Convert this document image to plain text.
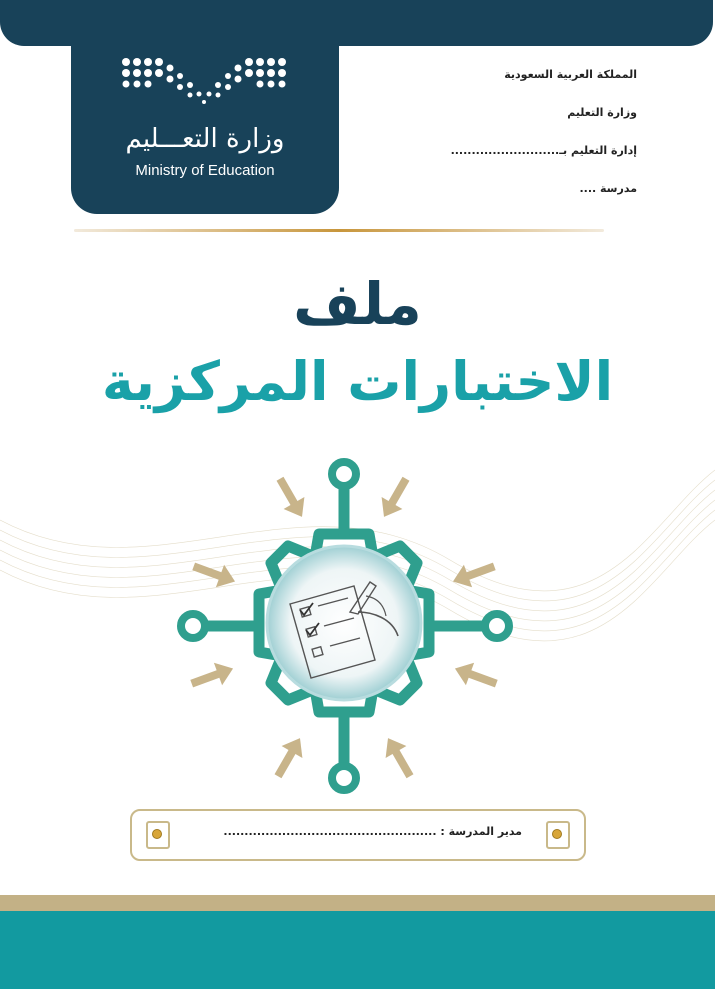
وزارة التعـــليم
Ministry of Education
المملكة العربية السعودية
وزارة التعليم
إدارة التعليم بـ..........................
مدرسة ....
ملف
الاختبارات المركزية
مدير المدرسة : ...................................................
